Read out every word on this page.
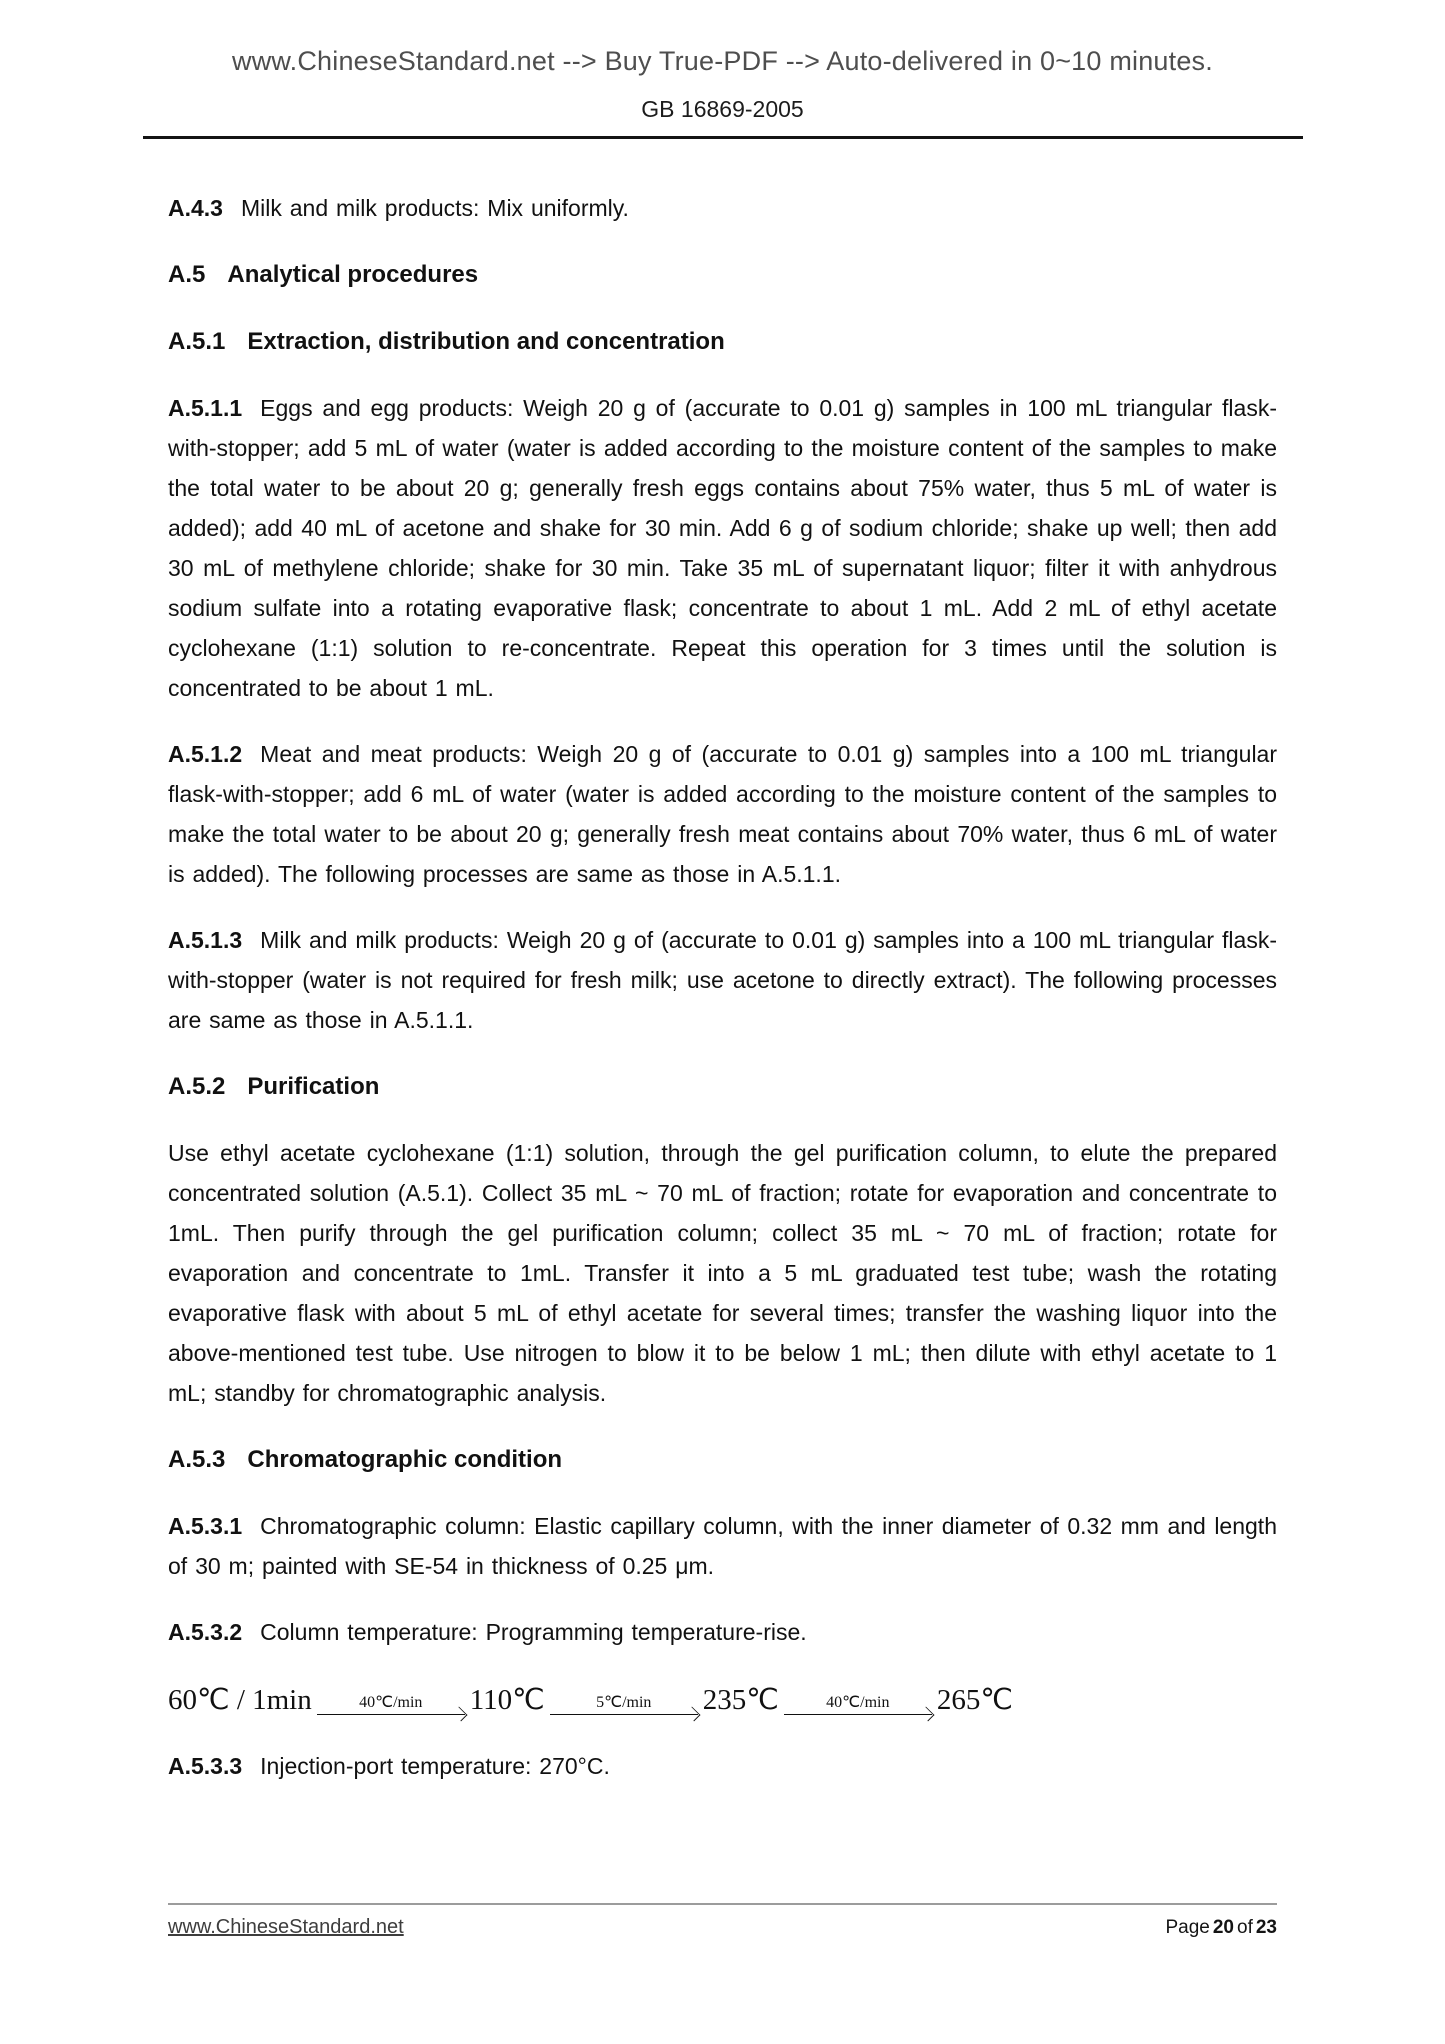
www.ChineseStandard.net --> Buy True-PDF --> Auto-delivered in 0~10 minutes.
GB 16869-2005

A.4.3 Milk and milk products: Mix uniformly.

A.5 Analytical procedures

A.5.1 Extraction, distribution and concentration

A.5.1.1 Eggs and egg products: Weigh 20 g of (accurate to 0.01 g) samples in 100 mL triangular flask-with-stopper; add 5 mL of water (water is added according to the moisture content of the samples to make the total water to be about 20 g; generally fresh eggs contains about 75% water, thus 5 mL of water is added); add 40 mL of acetone and shake for 30 min. Add 6 g of sodium chloride; shake up well; then add 30 mL of methylene chloride; shake for 30 min. Take 35 mL of supernatant liquor; filter it with anhydrous sodium sulfate into a rotating evaporative flask; concentrate to about 1 mL. Add 2 mL of ethyl acetate cyclohexane (1:1) solution to re-concentrate. Repeat this operation for 3 times until the solution is concentrated to be about 1 mL.

A.5.1.2 Meat and meat products: Weigh 20 g of (accurate to 0.01 g) samples into a 100 mL triangular flask-with-stopper; add 6 mL of water (water is added according to the moisture content of the samples to make the total water to be about 20 g; generally fresh meat contains about 70% water, thus 6 mL of water is added). The following processes are same as those in A.5.1.1.

A.5.1.3 Milk and milk products: Weigh 20 g of (accurate to 0.01 g) samples into a 100 mL triangular flask-with-stopper (water is not required for fresh milk; use acetone to directly extract). The following processes are same as those in A.5.1.1.

A.5.2 Purification

Use ethyl acetate cyclohexane (1:1) solution, through the gel purification column, to elute the prepared concentrated solution (A.5.1). Collect 35 mL ~ 70 mL of fraction; rotate for evaporation and concentrate to 1mL. Then purify through the gel purification column; collect 35 mL ~ 70 mL of fraction; rotate for evaporation and concentrate to 1mL. Transfer it into a 5 mL graduated test tube; wash the rotating evaporative flask with about 5 mL of ethyl acetate for several times; transfer the washing liquor into the above-mentioned test tube. Use nitrogen to blow it to be below 1 mL; then dilute with ethyl acetate to 1 mL; standby for chromatographic analysis.

A.5.3 Chromatographic condition

A.5.3.1 Chromatographic column: Elastic capillary column, with the inner diameter of 0.32 mm and length of 30 m; painted with SE-54 in thickness of 0.25 μm.

A.5.3.2 Column temperature: Programming temperature-rise.

60℃ / 1min	40℃/min 110℃	5℃/min 235℃	40℃/min 265℃

A.5.3.3 Injection-port temperature: 270°C.

www.ChineseStandard.net	Page 20 of 23
